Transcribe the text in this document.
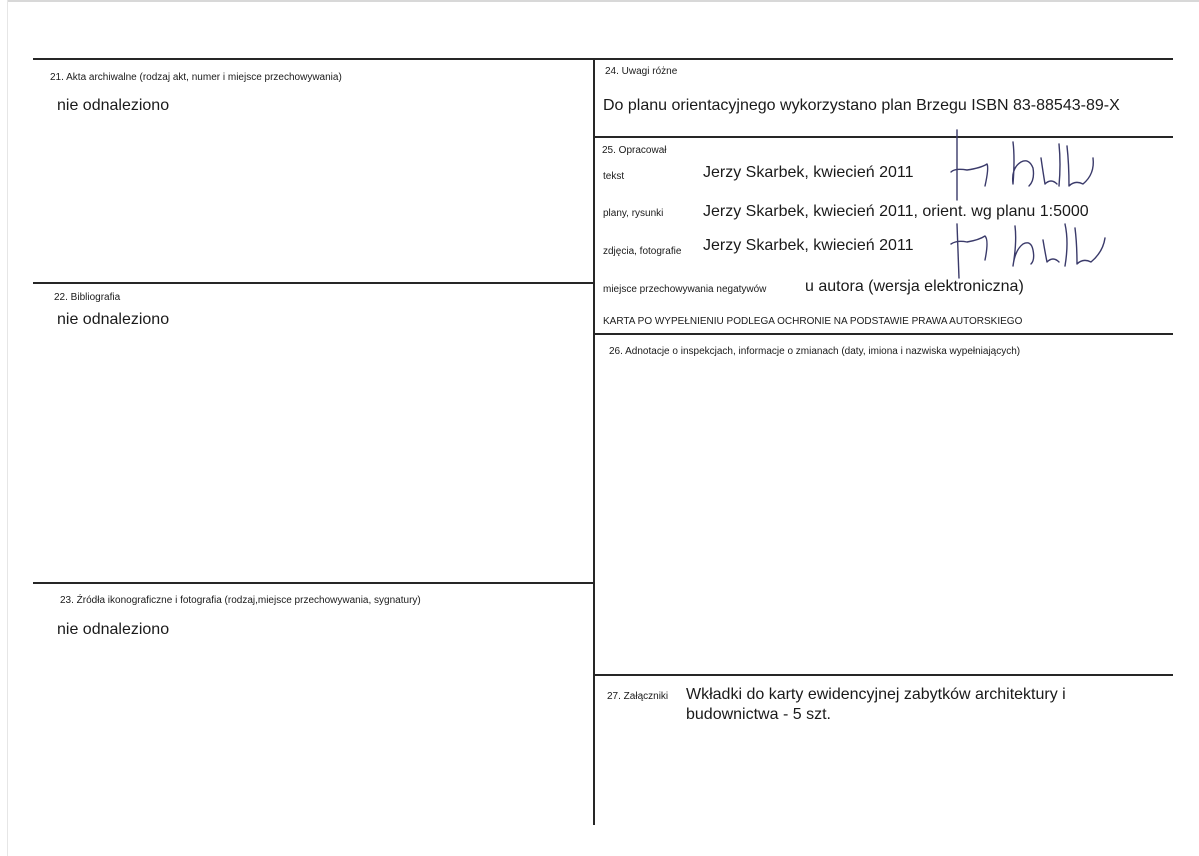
21. Akta archiwalne (rodzaj akt, numer i miejsce przechowywania)
nie odnaleziono
22. Bibliografia
nie odnaleziono
23. Źródła ikonograficzne i fotografia (rodzaj,miejsce przechowywania, sygnatury)
nie odnaleziono
24. Uwagi różne
Do planu orientacyjnego wykorzystano plan Brzegu ISBN 83-88543-89-X
25. Opracował
tekst	Jerzy Skarbek, kwiecień 2011
plany, rysunki Jerzy Skarbek, kwiecień 2011, orient. wg planu 1:5000
zdjęcia, fotografie Jerzy Skarbek, kwiecień 2011
miejsce przechowywania negatywów u autora (wersja elektroniczna)
KARTA PO WYPEŁNIENIU PODLEGA OCHRONIE NA PODSTAWIE PRAWA AUTORSKIEGO
26. Adnotacje o inspekcjach, informacje o zmianach (daty, imiona i nazwiska wypełniających)
27. Załączniki Wkładki do karty ewidencyjnej zabytków architektury i
budownictwa - 5 szt.
